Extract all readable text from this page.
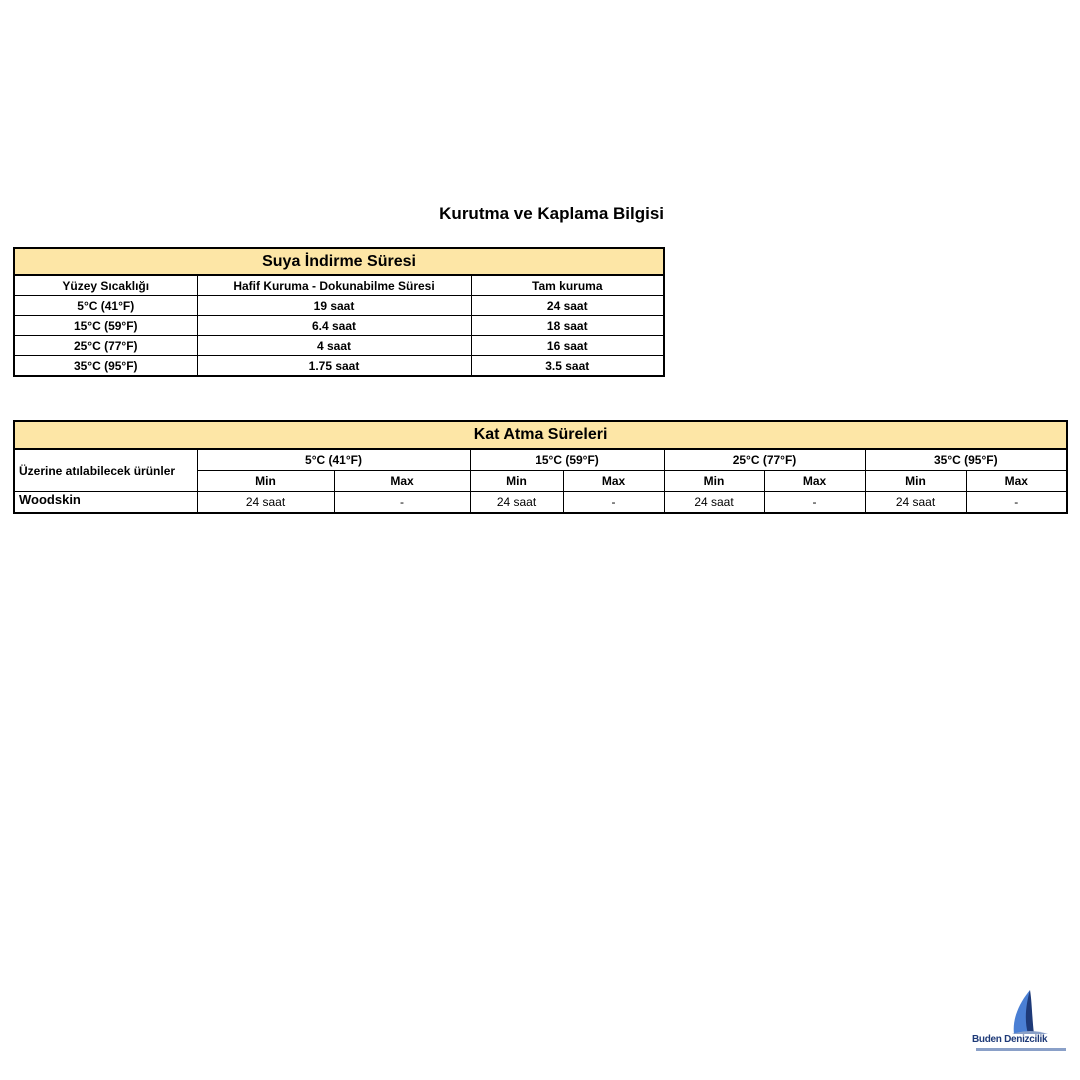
Kurutma ve Kaplama Bilgisi
Suya İndirme Süresi		
Yüzey Sıcaklığı	Hafif Kuruma - Dokunabilme Süresi	Tam kuruma
5°C (41°F)	19 saat	24 saat
15°C (59°F)	6.4 saat	18 saat
25°C (77°F)	4 saat	16 saat
35°C (95°F)	1.75 saat	3.5 saat
Kat Atma Süreleri								
Üzerine atılabilecek ürünler	5°C (41°F)		15°C (59°F)		25°C (77°F)		35°C (95°F)	
	Min	Max	Min	Max	Min	Max	Min	Max
Woodskin	24 saat	-	24 saat	-	24 saat	-	24 saat	-
Buden Denizcilik
